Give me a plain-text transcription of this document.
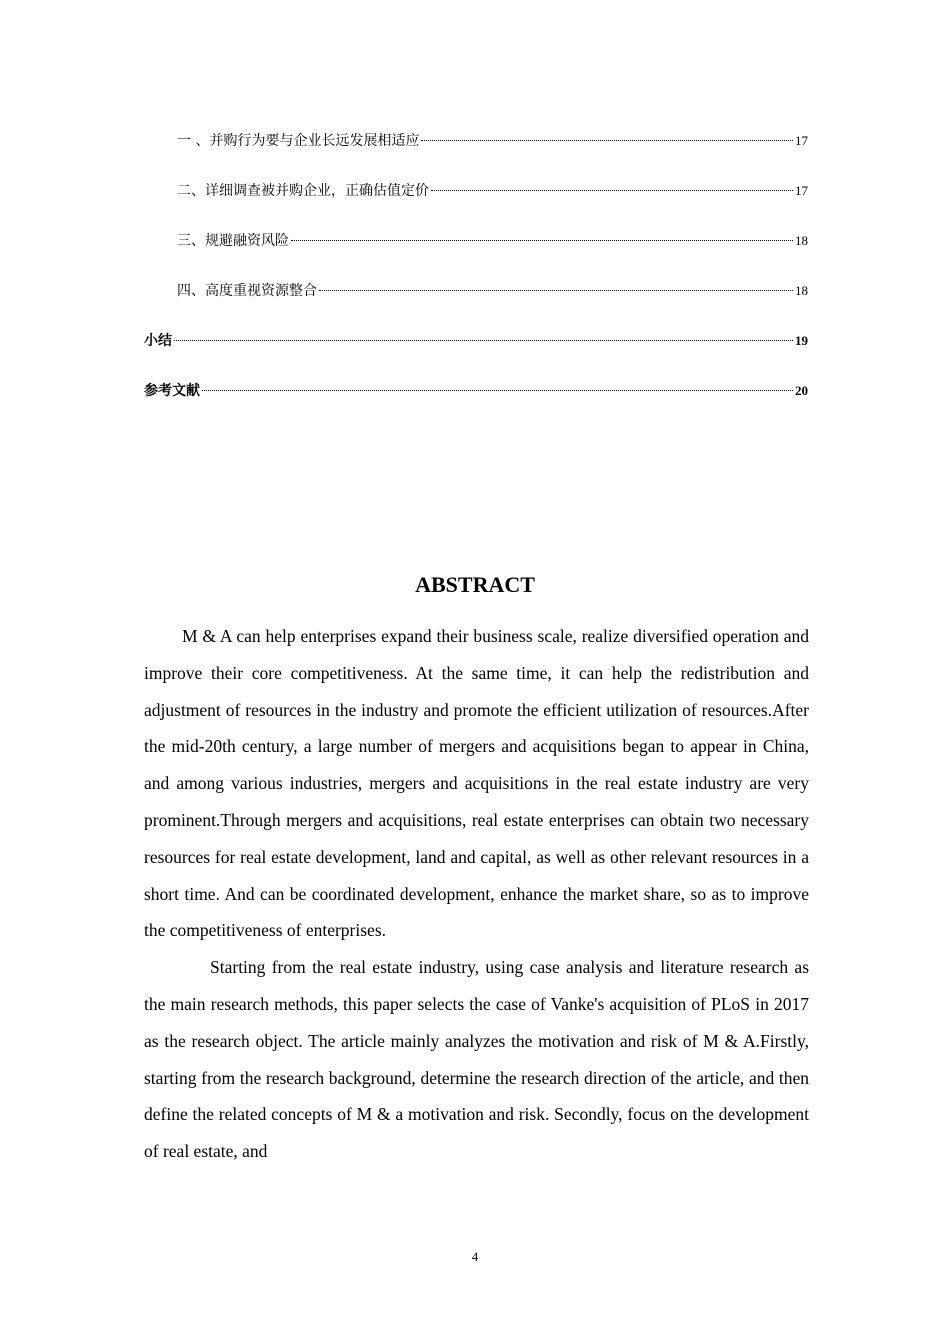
一 、并购行为要与企业长远发展相适应	17
二、详细调查被并购企业，正确估值定价	17
三、规避融资风险	18
四、高度重视资源整合	18
小结	19
参考文献	20
ABSTRACT

M & A can help enterprises expand their business scale, realize diversified operation and improve their core competitiveness. At the same time, it can help the redistribution and adjustment of resources in the industry and promote the efficient utilization of resources.After the mid-20th century, a large number of mergers and acquisitions began to appear in China, and among various industries, mergers and acquisitions in the real estate industry are very prominent.Through mergers and acquisitions, real estate enterprises can obtain two necessary resources for real estate development, land and capital, as well as other relevant resources in a short time. And can be coordinated development, enhance the market share, so as to improve the competitiveness of enterprises.

Starting from the real estate industry, using case analysis and literature research as the main research methods, this paper selects the case of Vanke's acquisition of PLoS in 2017 as the research object. The article mainly analyzes the motivation and risk of M & A.Firstly, starting from the research background, determine the research direction of the article, and then define the related concepts of M & a motivation and risk. Secondly, focus on the development of real estate, and

4
